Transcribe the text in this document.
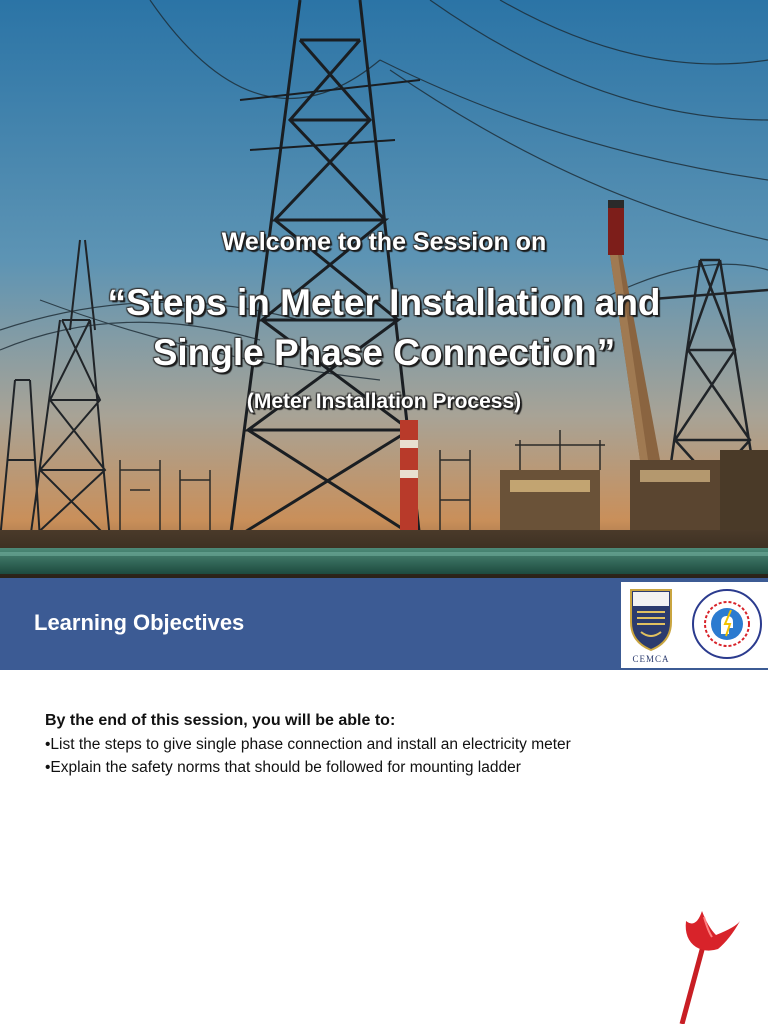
Welcome to the Session on
“Steps in Meter Installation and
Single Phase Connection”
(Meter Installation Process)
Learning Objectives
CEMCA

By the end of this session, you will be able to:

•List the steps to give single phase connection and install an electricity meter

•Explain the safety norms that should be followed for mounting ladder
